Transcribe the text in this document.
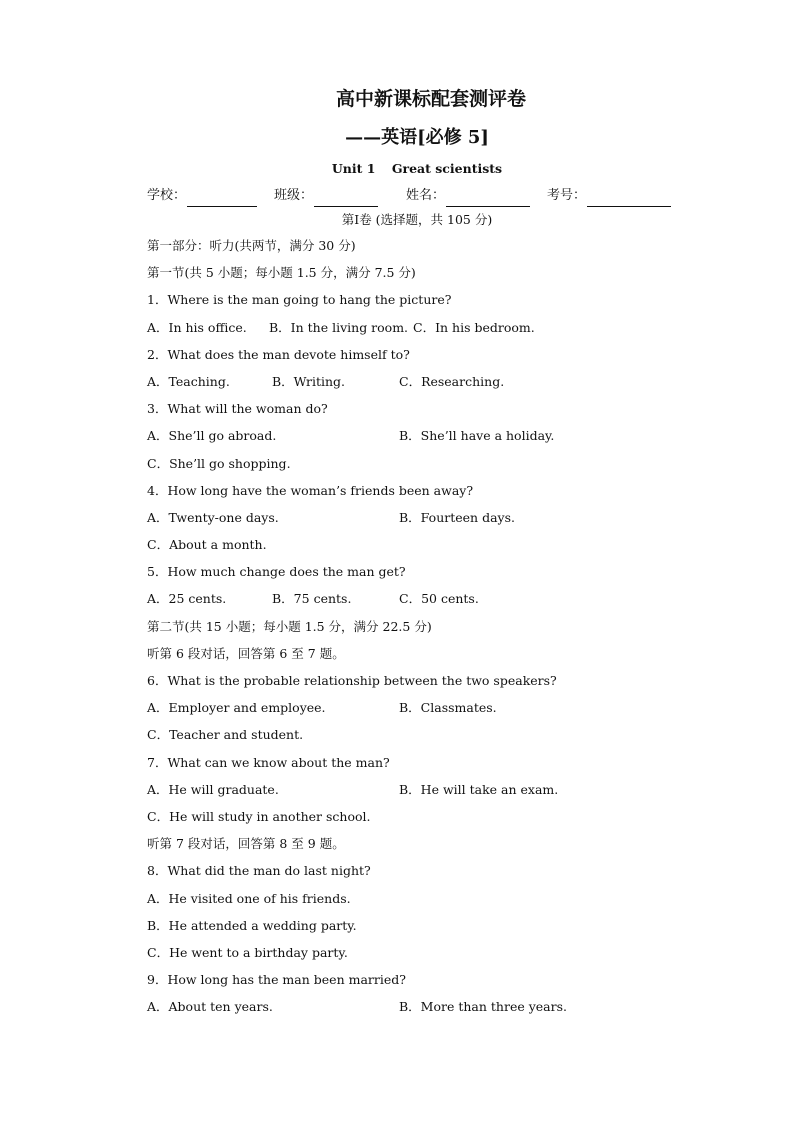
高中新课标配套测评卷
——英语[必修 5]
Unit 1 Great scientists
学校：	班级：	姓名：	考号：
第Ⅰ卷 (选择题，共 105 分)
第一部分：听力(共两节，满分 30 分)
第一节(共 5 小题；每小题 1.5 分，满分 7.5 分)
1．Where is the man going to hang the picture?
A．In his office.	B．In the living room. C．In his bedroom.
2．What does the man devote himself to?
A．Teaching.	B．Writing.	C．Researching.
3．What will the woman do?
A．She’ll go abroad.	B．She’ll have a holiday.
C．She’ll go shopping.
4．How long have the woman’s friends been away?
A．Twenty-one days.	B．Fourteen days.
C．About a month.
5．How much change does the man get?
A．25 cents.	B．75 cents.	C．50 cents.
第二节(共 15 小题；每小题 1.5 分，满分 22.5 分)
听第 6 段对话，回答第 6 至 7 题。
6．What is the probable relationship between the two speakers?
A．Employer and employee.	B．Classmates.
C．Teacher and student.
7．What can we know about the man?
A．He will graduate.	B．He will take an exam.
C．He will study in another school.
听第 7 段对话，回答第 8 至 9 题。
8．What did the man do last night?
A．He visited one of his friends.
B．He attended a wedding party.
C．He went to a birthday party.
9．How long has the man been married?
A．About ten years.	B．More than three years.
